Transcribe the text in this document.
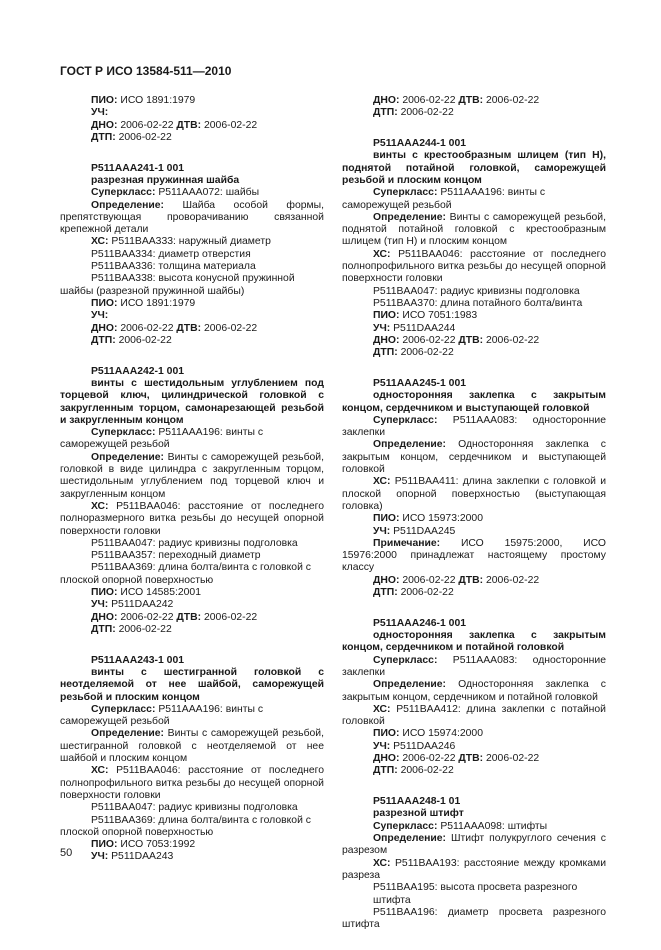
ГОСТ Р ИСО 13584-511—2010
ПИО: ИСО 1891:1979
УЧ:
ДНО: 2006-02-22 ДТВ: 2006-02-22
ДТП: 2006-02-22
P511AAA241-1 001
разрезная пружинная шайба
Суперкласс: P511AAA072: шайбы
Определение: Шайба особой формы, препятствующая проворачиванию связанной крепежной детали
ХС: P511BAA333: наружный диаметр
P511BAA334: диаметр отверстия
P511BAA336: толщина материала
P511BAA338: высота конусной пружинной шайбы (разрезной пружинной шайбы)
ПИО: ИСО 1891:1979
УЧ:
ДНО: 2006-02-22 ДТВ: 2006-02-22
ДТП: 2006-02-22
P511AAA242-1 001
винты с шестидольным углублением под торцевой ключ, цилиндрической головкой с закругленным торцом, самонарезающей резьбой и закругленным концом
Суперкласс: P511AAA196: винты с саморежущей резьбой
Определение: Винты с саморежущей резьбой, головкой в виде цилиндра с закругленным торцом, шестидольным углублением под торцевой ключ и закругленным концом
ХС: P511BAA046: расстояние от последнего полноразмерного витка резьбы до несущей опорной поверхности головки
P511BAA047: радиус кривизны подголовка
P511BAA357: переходный диаметр
P511BAA369: длина болта/винта с головкой с плоской опорной поверхностью
ПИО: ИСО 14585:2001
УЧ: P511DAA242
ДНО: 2006-02-22 ДТВ: 2006-02-22
ДТП: 2006-02-22
P511AAA243-1 001
винты с шестигранной головкой с неотделяемой от нее шайбой, саморежущей резьбой и плоским концом
Суперкласс: P511AAA196: винты с саморежущей резьбой
Определение: Винты с саморежущей резьбой, шестигранной головкой с неотделяемой от нее шайбой и плоским концом
ХС: P511BAA046: расстояние от последнего полнопрофильного витка резьбы до несущей опорной поверхности головки
P511BAA047: радиус кривизны подголовка
P511BAA369: длина болта/винта с головкой с плоской опорной поверхностью
ПИО: ИСО 7053:1992
УЧ: P511DAA243
ДНО: 2006-02-22 ДТВ: 2006-02-22
ДТП: 2006-02-22
P511AAA244-1 001
винты с крестообразным шлицем (тип H), поднятой потайной головкой, саморежущей резьбой и плоским концом
Суперкласс: P511AAA196: винты с саморежущей резьбой
Определение: Винты с саморежущей резьбой, поднятой потайной головкой с крестообразным шлицем (тип H) и плоским концом
ХС: P511BAA046: расстояние от последнего полнопрофильного витка резьбы до несущей опорной поверхности головки
P511BAA047: радиус кривизны подголовка
P511BAA370: длина потайного болта/винта
ПИО: ИСО 7051:1983
УЧ: P511DAA244
ДНО: 2006-02-22 ДТВ: 2006-02-22
ДТП: 2006-02-22
P511AAA245-1 001
односторонняя заклепка с закрытым концом, сердечником и выступающей головкой
Суперкласс: P511AAA083: односторонние заклепки
Определение: Односторонняя заклепка с закрытым концом, сердечником и выступающей головкой
ХС: P511BAA411: длина заклепки с головкой и плоской опорной поверхностью (выступающая головка)
ПИО: ИСО 15973:2000
УЧ: P511DAA245
Примечание: ИСО 15975:2000, ИСО 15976:2000 принадлежат настоящему простому классу
ДНО: 2006-02-22 ДТВ: 2006-02-22
ДТП: 2006-02-22
P511AAA246-1 001
односторонняя заклепка с закрытым концом, сердечником и потайной головкой
Суперкласс: P511AAA083: односторонние заклепки
Определение: Односторонняя заклепка с закрытым концом, сердечником и потайной головкой
ХС: P511BAA412: длина заклепки с потайной головкой
ПИО: ИСО 15974:2000
УЧ: P511DAA246
ДНО: 2006-02-22 ДТВ: 2006-02-22
ДТП: 2006-02-22
P511AAA248-1 01
разрезной штифт
Суперкласс: P511AAA098: штифты
Определение: Штифт полукруглого сечения с разрезом
ХС: P511BAA193: расстояние между кромками разреза
P511BAA195: высота просвета разрезного штифта
P511BAA196: диаметр просвета разрезного штифта
50
